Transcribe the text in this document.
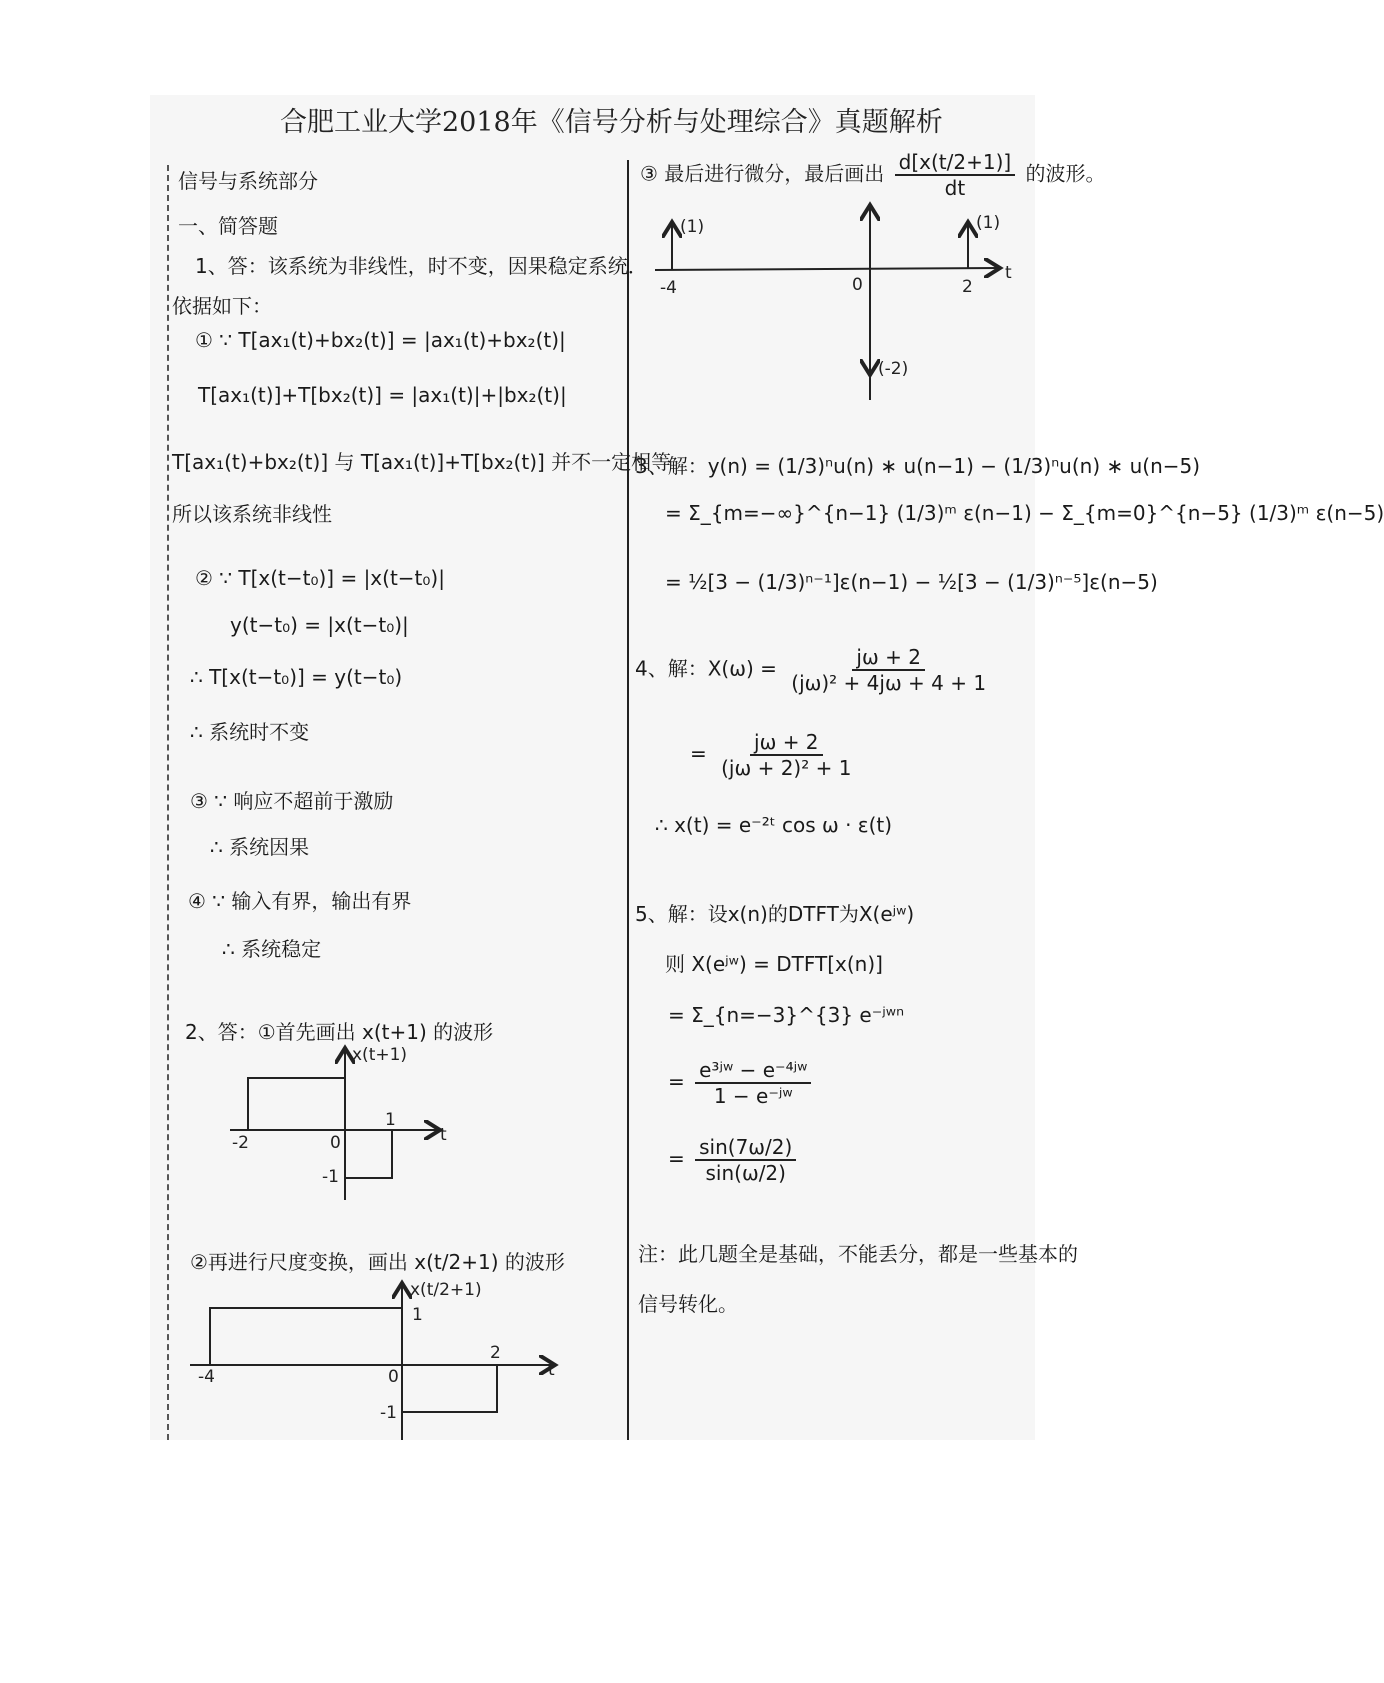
合肥工业大学2018年《信号分析与处理综合》真题解析
信号与系统部分
一、简答题
1、答：该系统为非线性，时不变，因果稳定系统．
依据如下：
① ∵ T[ax₁(t)+bx₂(t)] = |ax₁(t)+bx₂(t)|
T[ax₁(t)]+T[bx₂(t)] = |ax₁(t)|+|bx₂(t)|
T[ax₁(t)+bx₂(t)] 与 T[ax₁(t)]+T[bx₂(t)] 并不一定相等
所以该系统非线性
② ∵ T[x(t−t₀)] = |x(t−t₀)|
y(t−t₀) = |x(t−t₀)|
∴ T[x(t−t₀)] = y(t−t₀)
∴ 系统时不变
③ ∵ 响应不超前于激励
∴ 系统因果
④ ∵ 输入有界，输出有界
∴ 系统稳定
2、答：①首先画出 x(t+1) 的波形
②再进行尺度变换，画出 x(t/2+1) 的波形
③ 最后进行微分，最后画出 $\frac{d[x(t/2+1)]}{dt}$ 的波形。
3、解：y(n) = (1/3)ⁿu(n) ∗ u(n−1) − (1/3)ⁿu(n) ∗ u(n−5)
= Σ_{m=−∞}^{n−1} (1/3)ᵐ ε(n−1) − Σ_{m=0}^{n−5} (1/3)ᵐ ε(n−5)
= ½[3 − (1/3)ⁿ⁻¹]ε(n−1) − ½[3 − (1/3)ⁿ⁻⁵]ε(n−5)
4、解：$X(\omega) = \frac{j\omega + 2}{\text{(jω)² + 4jω + 4 + 1}}$
= $\frac{j\omega + 2}{\text{(jω + 2)² + 1}}$
∴ x(t) = e⁻²ᵗ cos ω · ε(t)
5、解：设x(n)的DTFT为X(eʲʷ)
则 X(eʲʷ) = DTFT[x(n)]
= Σ_{n=−3}^{3} e⁻ʲʷⁿ
= $\frac{\text{e³ʲʷ − e⁻⁴ʲʷ}}{\text{1 − e⁻ʲʷ}}$
= $\frac{\sin(7\omega/2)}{\sin(\omega/2)}$
注：此几题全是基础，不能丢分，都是一些基本的
信号转化。
x(t+1)
t
-2	0
1
-1
x(t/2+1)
t
-4	0
2
1
-1
t
-4	0	2
(1)	(1)
(-2)
